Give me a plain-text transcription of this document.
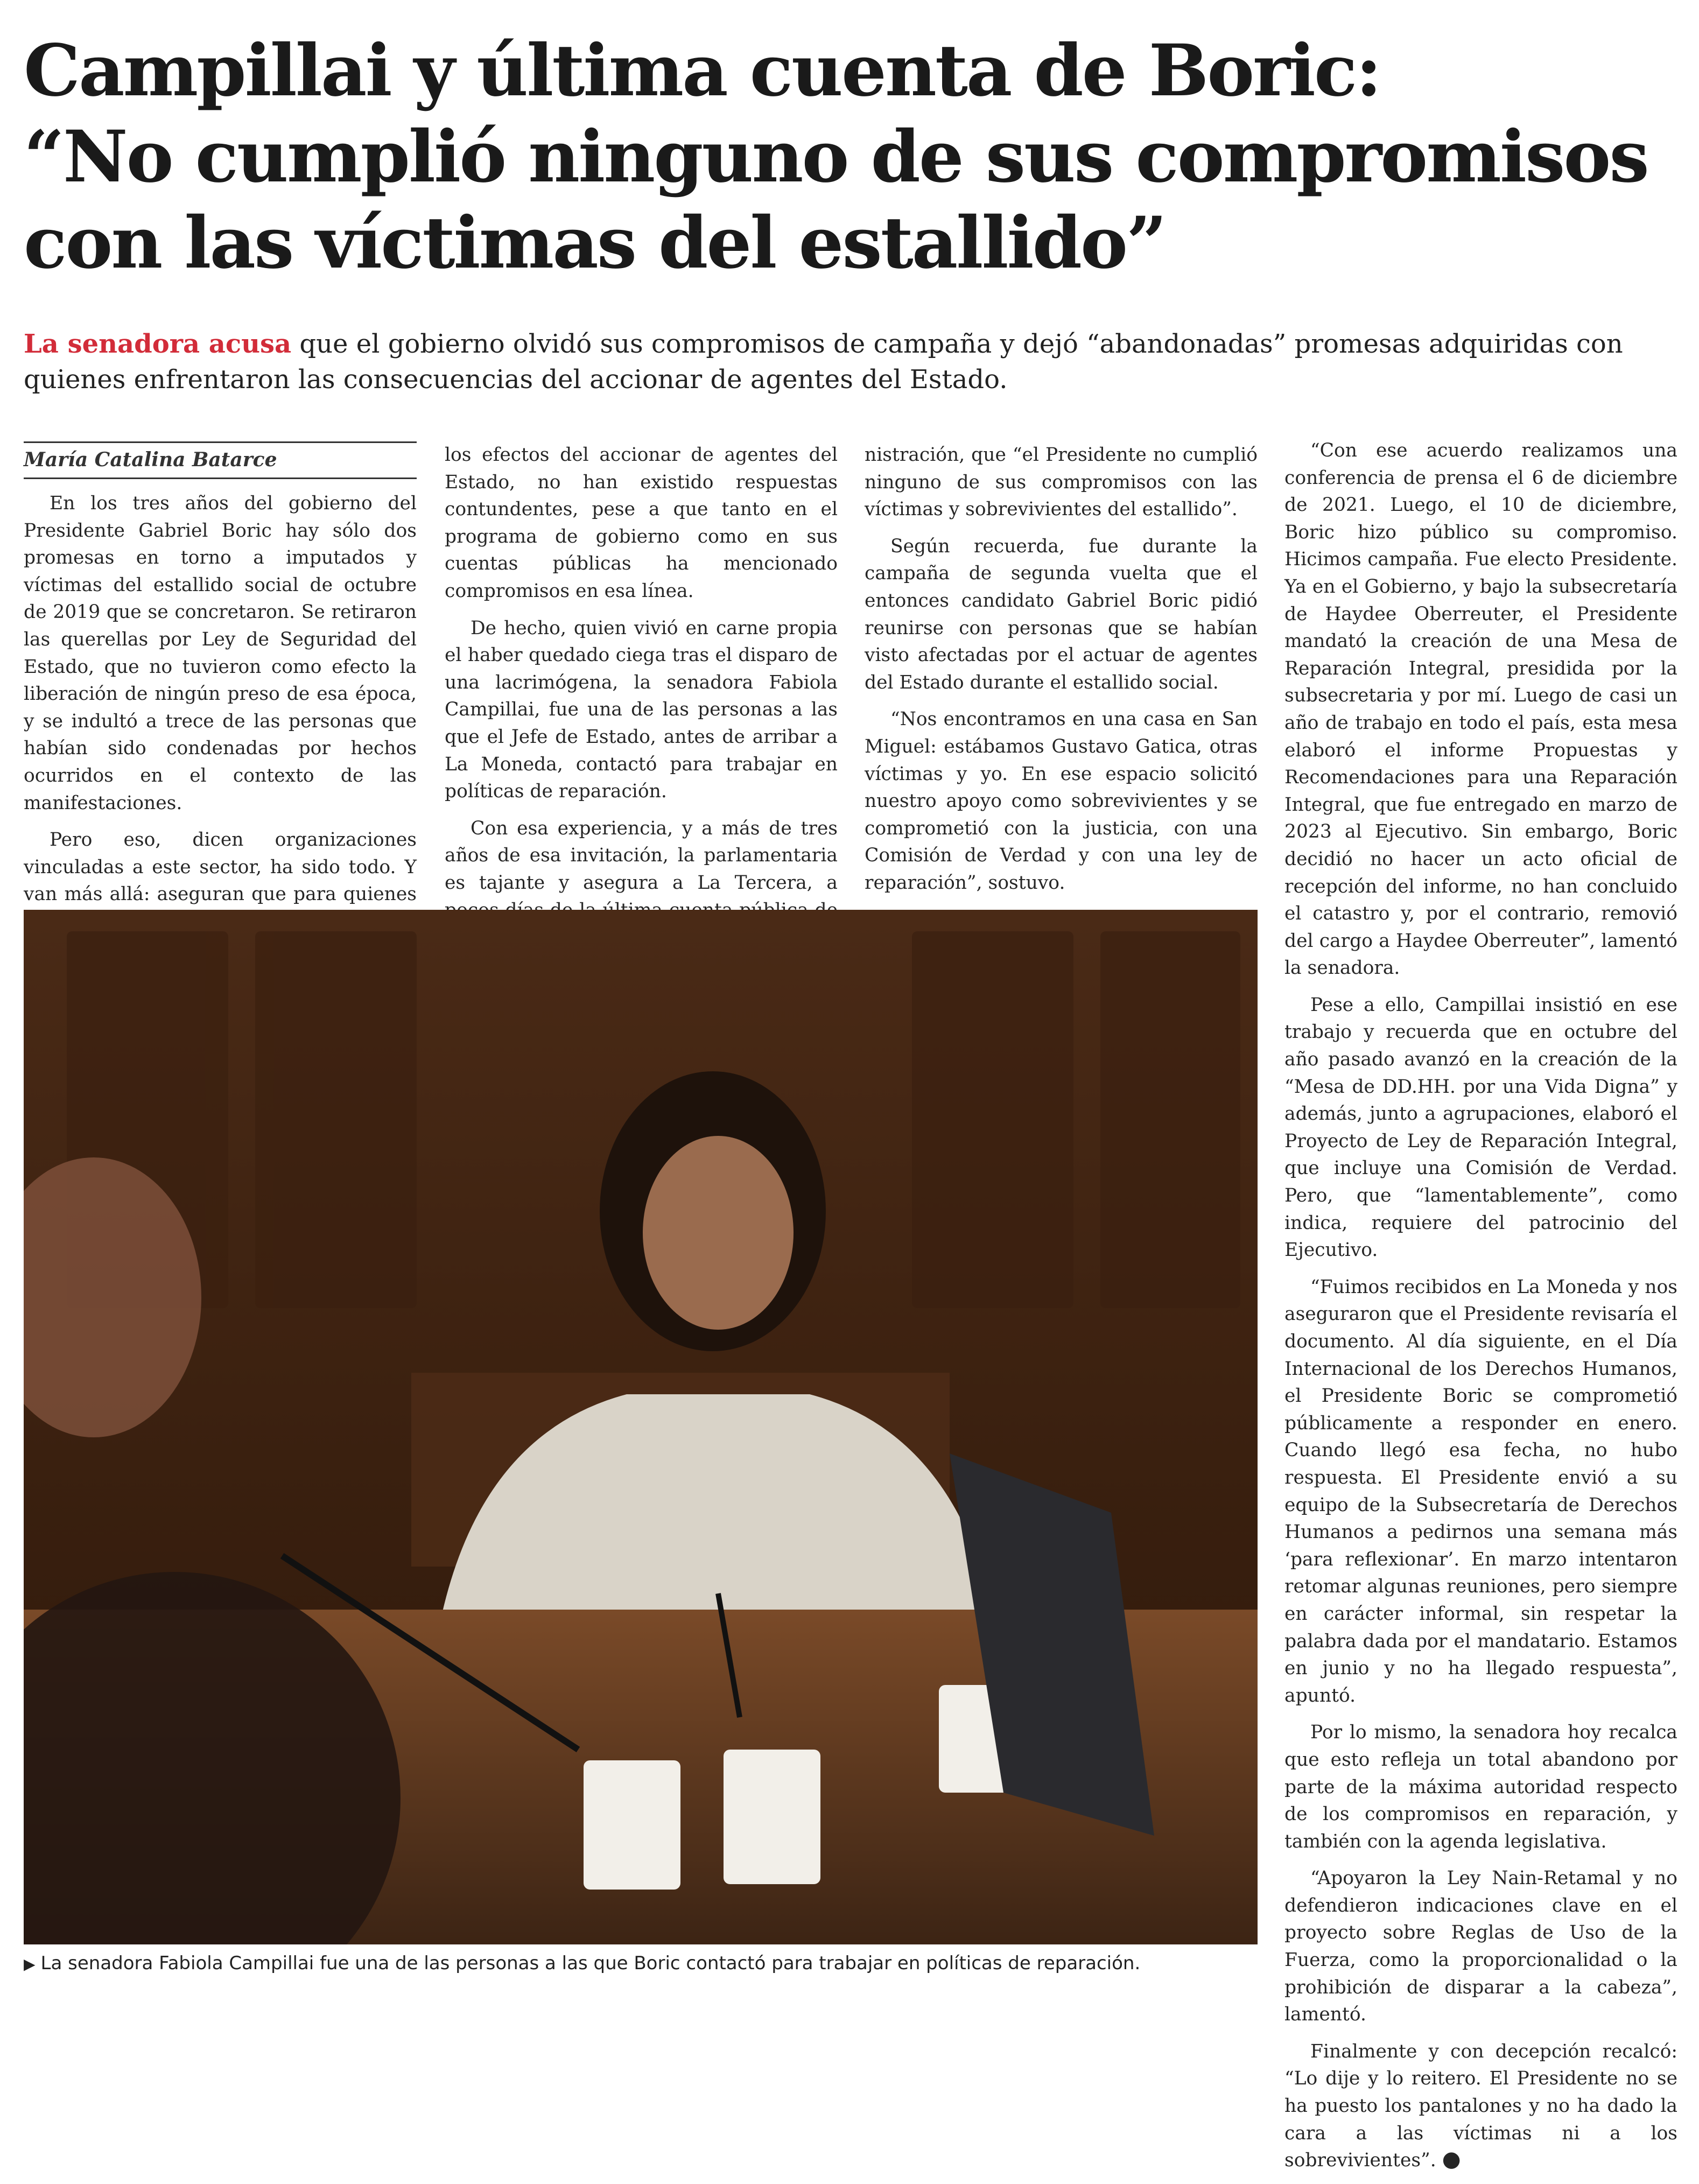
Campillai y última cuenta de Boric:
“No cumplió ninguno de sus compromisos
con las víctimas del estallido”

La senadora acusa que el gobierno olvidó sus compromisos de campaña y dejó “abandonadas” promesas adquiridas con quienes enfrentaron las consecuencias del accionar de agentes del Estado.

María Catalina Batarce

En los tres años del gobierno del Presidente Gabriel Boric hay sólo dos promesas en torno a imputados y víctimas del estallido social de octubre de 2019 que se concretaron. Se retiraron las querellas por Ley de Seguridad del Estado, que no tuvieron como efecto la liberación de ningún preso de esa época, y se indultó a trece de las personas que habían sido condenadas por hechos ocurridos en el contexto de las manifestaciones.

Pero eso, dicen organizaciones vinculadas a este sector, ha sido todo. Y van más allá: aseguran que para quienes

los efectos del accionar de agentes del Estado, no han existido respuestas contundentes, pese a que tanto en el programa de gobierno como en sus cuentas públicas ha mencionado compromisos en esa línea.

De hecho, quien vivió en carne propia el haber quedado ciega tras el disparo de una lacrimógena, la senadora Fabiola Campillai, fue una de las personas a las que el Jefe de Estado, antes de arribar a La Moneda, contactó para trabajar en políticas de reparación.

Con esa experiencia, y a más de tres años de esa invitación, la parlamentaria es tajante y asegura a La Tercera, a

nistración, que “el Presidente no cumplió ninguno de sus compromisos con las víctimas y sobrevivientes del estallido”.

Según recuerda, fue durante la campaña de segunda vuelta que el entonces candidato Gabriel Boric pidió reunirse con personas que se habían visto afectadas por el actuar de agentes del Estado durante el estallido social.

“Nos encontramos en una casa en San Miguel: estábamos Gustavo Gatica, otras víctimas y yo. En ese espacio solicitó nuestro apoyo como sobrevivientes y se comprometió con la justicia, con una Comisión de Verdad y con una ley de reparación”, sostuvo.

“Con ese acuerdo realizamos una conferencia de prensa el 6 de diciembre de 2021. Luego, el 10 de diciembre, Boric hizo público su compromiso. Hicimos campaña. Fue electo Presidente. Ya en el Gobierno, y bajo la subsecretaría de Haydee Oberreuter, el Presidente mandató la creación de una Mesa de Reparación Integral, presidida por la subsecretaria y por mí. Luego de casi un año de trabajo en todo el país, esta mesa elaboró el informe Propuestas y Recomendaciones para una Reparación Integral, que fue entregado en marzo de 2023 al Ejecutivo. Sin embargo, Boric decidió no hacer un acto oficial de recepción del informe, no han concluido el catastro y, por el contrario, removió del cargo a Haydee Oberreuter”, lamentó la senadora.

Pese a ello, Campillai insistió en ese trabajo y recuerda que en octubre del año pasado avanzó en la creación de la “Mesa de DD.HH. por una Vida Digna” y además, junto a agrupaciones, elaboró el Proyecto de Ley de Reparación Integral, que incluye una Comisión de Verdad. Pero, que “lamentablemente”, como indica, requiere del patrocinio del Ejecutivo.

“Fuimos recibidos en La Moneda y nos aseguraron que el Presidente revisaría el documento. Al día siguiente, en el Día Internacional de los Derechos Humanos, el Presidente Boric se comprometió públicamente a responder en enero. Cuando llegó esa fecha, no hubo respuesta. El Presidente envió a su equipo de la Subsecretaría de Derechos Humanos a pedirnos una semana más ‘para reflexionar’. En marzo intentaron retomar algunas reuniones, pero siempre en carácter informal, sin respetar la palabra dada por el mandatario. Estamos en junio y no ha llegado respuesta”, apuntó.

Por lo mismo, la senadora hoy recalca que esto refleja un total abandono por parte de la máxima autoridad respecto de los compromisos en reparación, y también con la agenda legislativa.

“Apoyaron la Ley Nain-Retamal y no defendieron indicaciones clave en el proyecto sobre Reglas de Uso de la Fuerza, como la proporcionalidad o la prohibición de disparar a la cabeza”, lamentó.

Finalmente y con decepción recalcó: “Lo dije y lo reitero. El Presidente no se ha puesto los pantalones y no ha dado la cara a las víctimas ni a los sobrevivientes”. ●

▶ La senadora Fabiola Campillai fue una de las personas a las que Boric contactó para trabajar en políticas de reparación.
